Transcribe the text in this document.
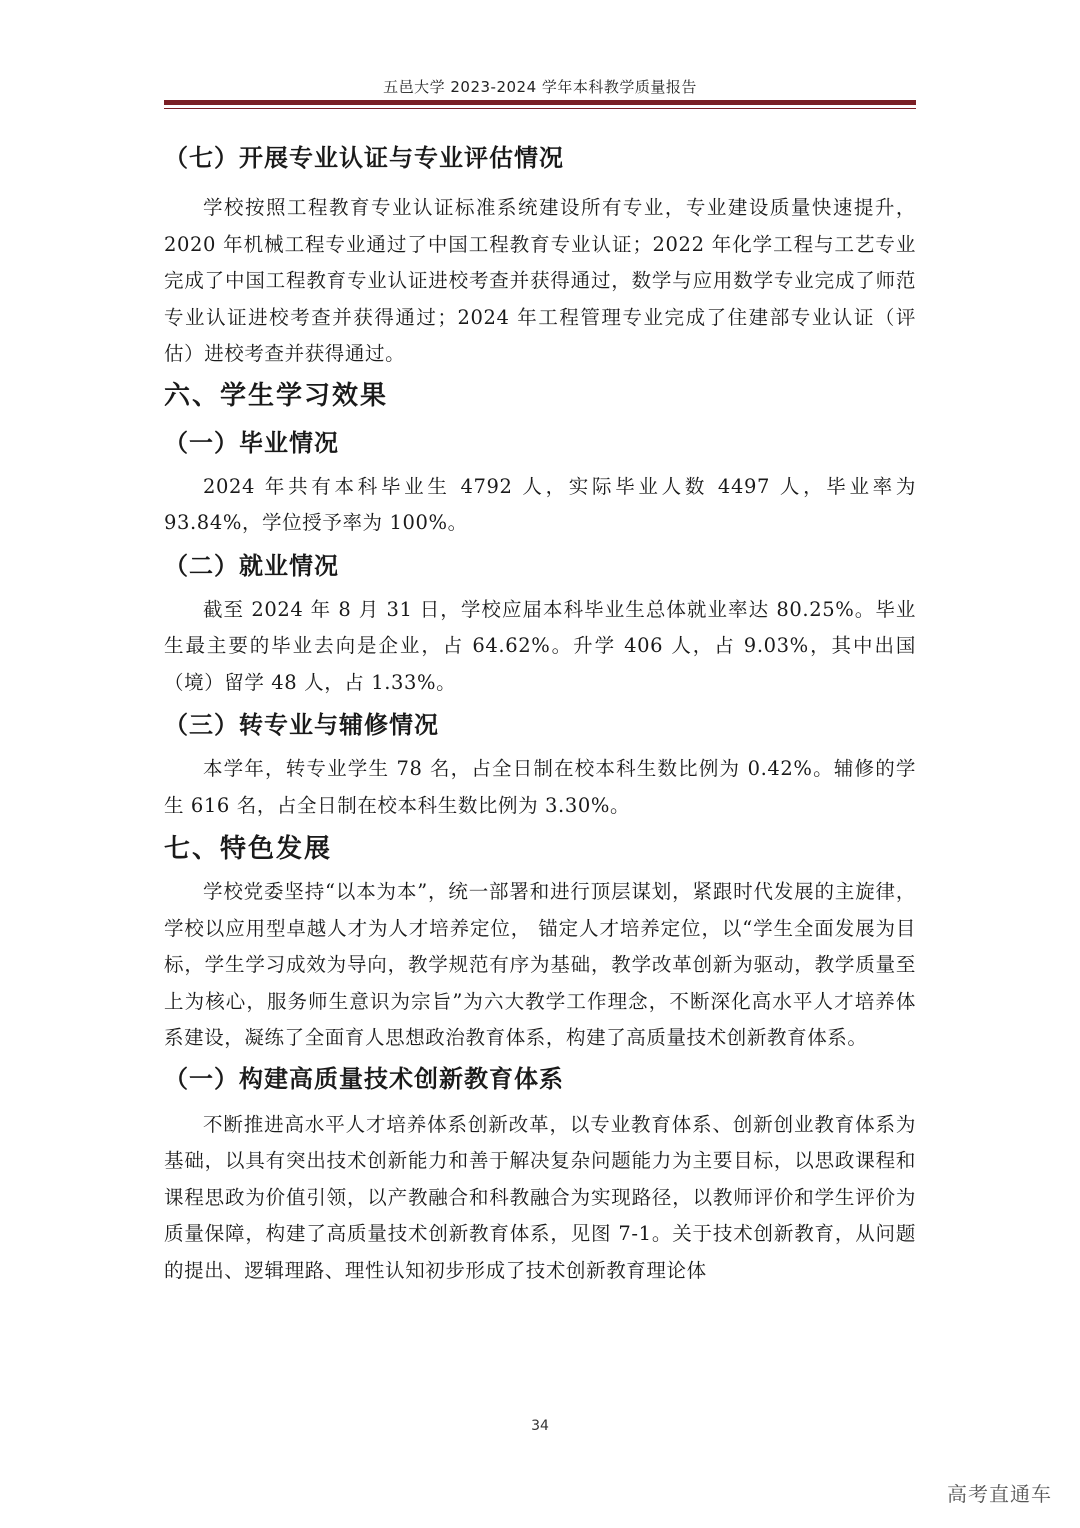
五邑大学 2023-2024 学年本科教学质量报告
（七）开展专业认证与专业评估情况

学校按照工程教育专业认证标准系统建设所有专业，专业建设质量快速提升，2020 年机械工程专业通过了中国工程教育专业认证；2022 年化学工程与工艺专业完成了中国工程教育专业认证进校考查并获得通过，数学与应用数学专业完成了师范专业认证进校考查并获得通过；2024 年工程管理专业完成了住建部专业认证（评估）进校考查并获得通过。

六、学生学习效果
（一）毕业情况

2024 年共有本科毕业生 4792 人，实际毕业人数 4497 人，毕业率为 93.84%，学位授予率为 100%。

（二）就业情况

截至 2024 年 8 月 31 日，学校应届本科毕业生总体就业率达 80.25%。毕业生最主要的毕业去向是企业，占 64.62%。升学 406 人，占 9.03%，其中出国（境）留学 48 人，占 1.33%。

（三）转专业与辅修情况

本学年，转专业学生 78 名，占全日制在校本科生数比例为 0.42%。辅修的学生 616 名，占全日制在校本科生数比例为 3.30%。

七、特色发展

学校党委坚持“以本为本”，统一部署和进行顶层谋划，紧跟时代发展的主旋律，学校以应用型卓越人才为人才培养定位， 锚定人才培养定位，以“学生全面发展为目标，学生学习成效为导向，教学规范有序为基础，教学改革创新为驱动，教学质量至上为核心，服务师生意识为宗旨”为六大教学工作理念，不断深化高水平人才培养体系建设，凝练了全面育人思想政治教育体系，构建了高质量技术创新教育体系。

（一）构建高质量技术创新教育体系

不断推进高水平人才培养体系创新改革，以专业教育体系、创新创业教育体系为基础，以具有突出技术创新能力和善于解决复杂问题能力为主要目标，以思政课程和课程思政为价值引领，以产教融合和科教融合为实现路径，以教师评价和学生评价为质量保障，构建了高质量技术创新教育体系，见图 7-1。关于技术创新教育，从问题的提出、逻辑理路、理性认知初步形成了技术创新教育理论体

34
高考直通车
